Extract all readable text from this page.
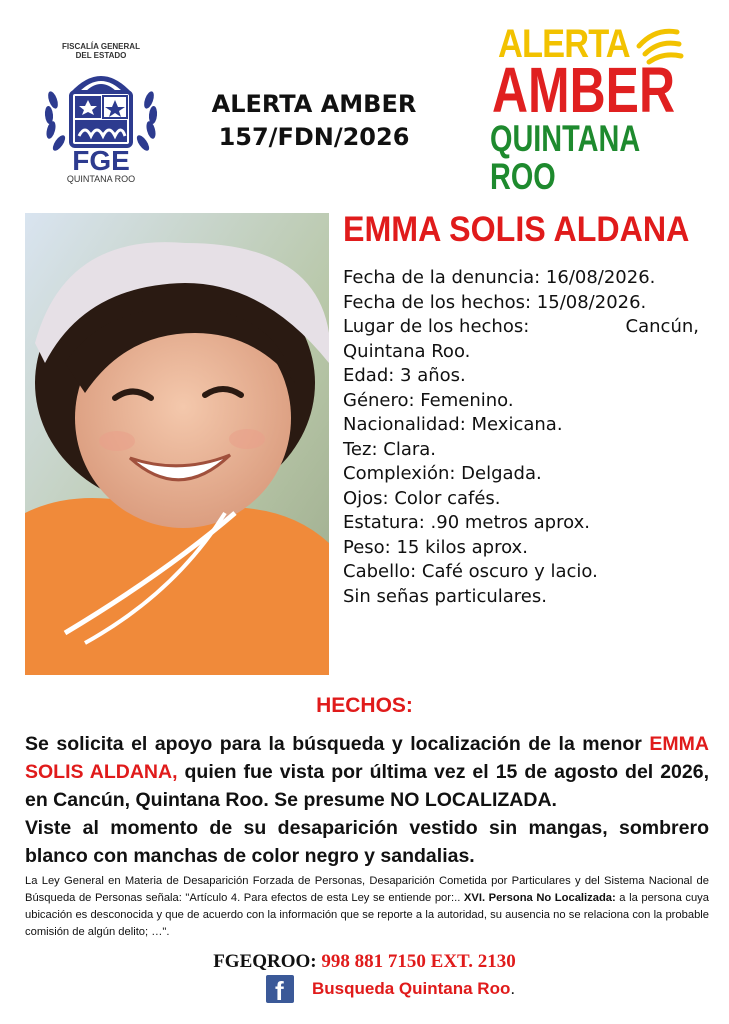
FISCALÍA GENERAL
DEL ESTADO
FGE
QUINTANA ROO
ALERTA AMBER
157/FDN/2026
ALERTA
AMBER
QUINTANA ROO
EMMA SOLIS ALDANA
Fecha de la denuncia: 16/08/2026.
Fecha de los hechos: 15/08/2026.
Lugar de los hechos:	Cancún,
Quintana Roo.
Edad: 3 años.
Género: Femenino.
Nacionalidad: Mexicana.
Tez: Clara.
Complexión: Delgada.
Ojos: Color cafés.
Estatura: .90 metros aprox.
Peso: 15 kilos aprox.
Cabello: Café oscuro y lacio.
Sin señas particulares.
HECHOS:
Se solicita el apoyo para la búsqueda y localización de la menor EMMA SOLIS ALDANA, quien fue vista por última vez el 15 de agosto del 2026, en Cancún, Quintana Roo. Se presume NO LOCALIZADA.
Viste al momento de su desaparición vestido sin mangas, sombrero blanco con manchas de color negro y sandalias.
La Ley General en Materia de Desaparición Forzada de Personas, Desaparición Cometida por Particulares y del Sistema Nacional de Búsqueda de Personas señala: "Artículo 4. Para efectos de esta Ley se entiende por:.. XVI. Persona No Localizada: a la persona cuya ubicación es desconocida y que de acuerdo con la información que se reporte a la autoridad, su ausencia no se relaciona con la probable comisión de algún delito; …".
FGEQROO: 998 881 7150 EXT. 2130
f Busqueda Quintana Roo .
